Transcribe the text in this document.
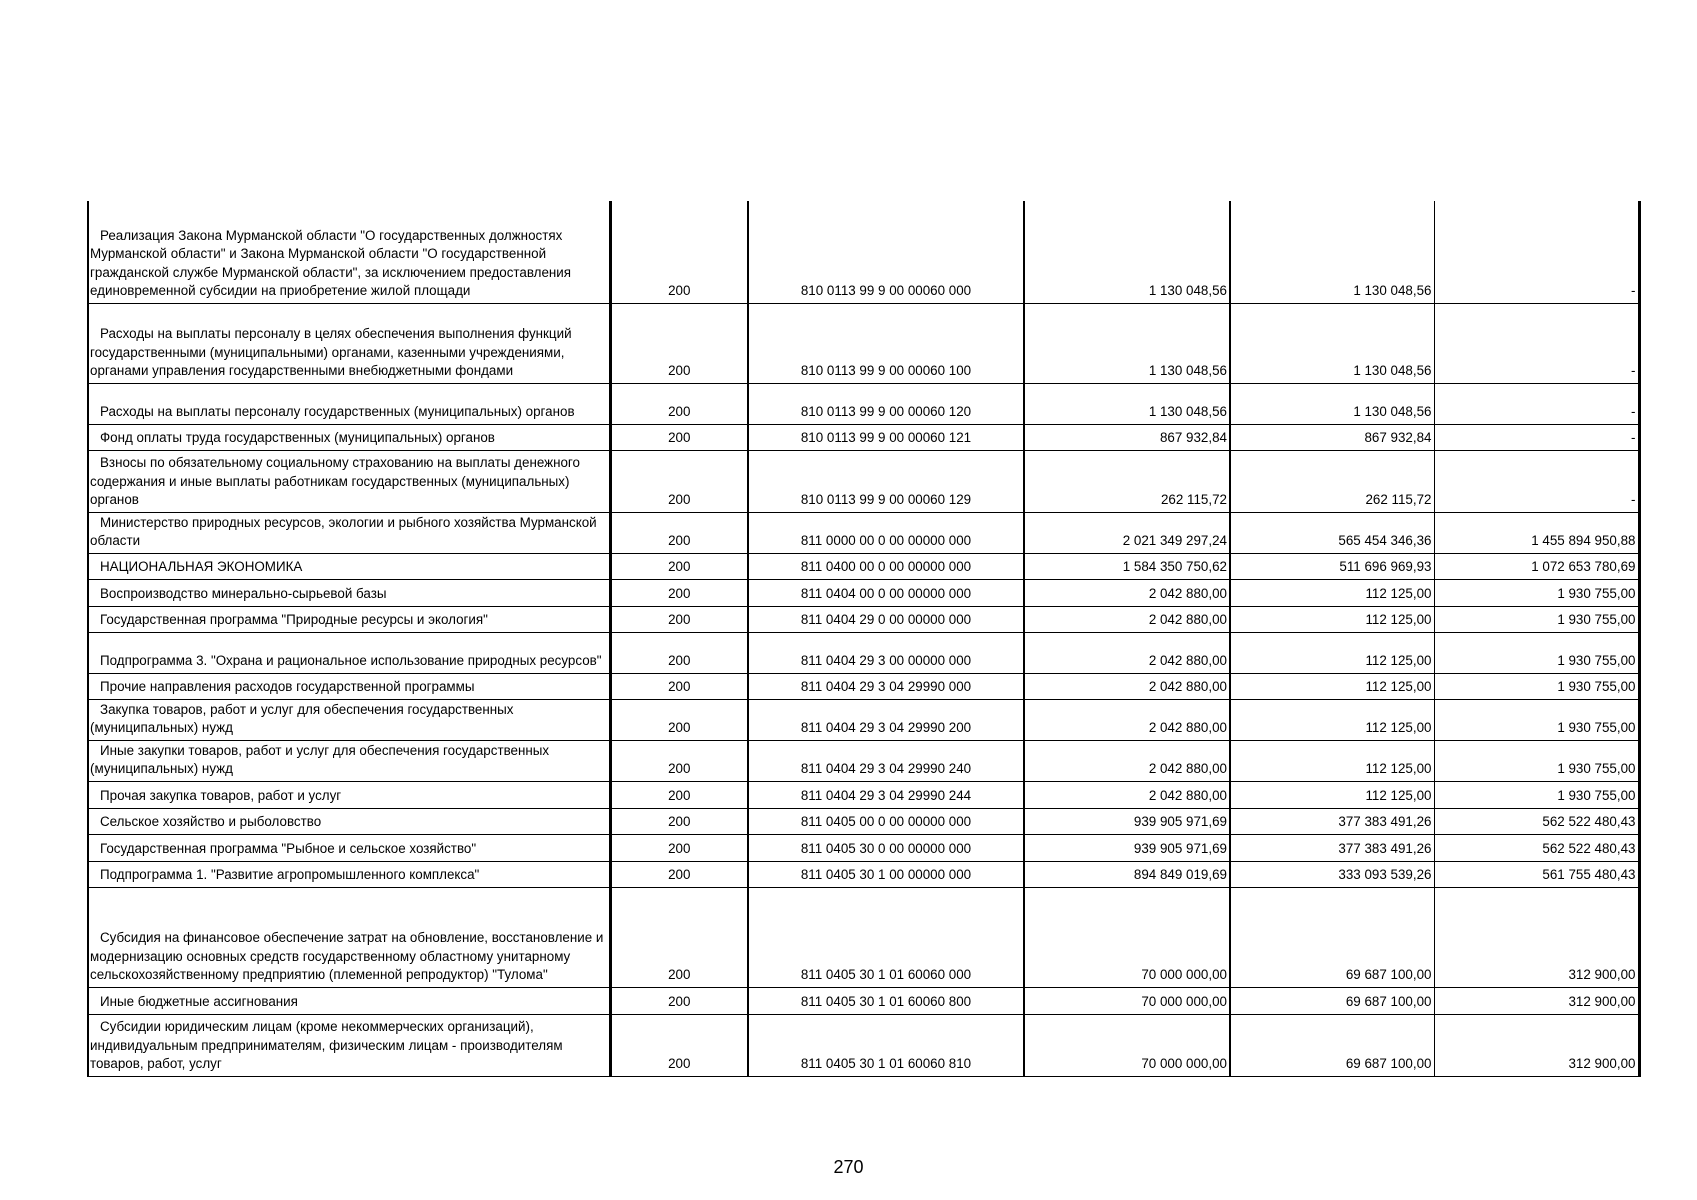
Реализация Закона Мурманской области "О государственных должностях Мурманской области" и Закона Мурманской области "О государственной гражданской службе Мурманской области", за исключением предоставления единовременной субсидии на приобретение жилой площади	200	810 0113 99 9 00 00060 000	1 130 048,56	1 130 048,56	-
Расходы на выплаты персоналу в целях обеспечения выполнения функций государственными (муниципальными) органами, казенными учреждениями, органами управления государственными внебюджетными фондами	200	810 0113 99 9 00 00060 100	1 130 048,56	1 130 048,56	-
Расходы на выплаты персоналу государственных (муниципальных) органов	200	810 0113 99 9 00 00060 120	1 130 048,56	1 130 048,56	-
Фонд оплаты труда государственных (муниципальных) органов	200	810 0113 99 9 00 00060 121	867 932,84	867 932,84	-
Взносы по обязательному социальному страхованию на выплаты денежного содержания и иные выплаты работникам государственных (муниципальных) органов	200	810 0113 99 9 00 00060 129	262 115,72	262 115,72	-
Министерство природных ресурсов, экологии и рыбного хозяйства Мурманской области	200	811 0000 00 0 00 00000 000	2 021 349 297,24	565 454 346,36	1 455 894 950,88
НАЦИОНАЛЬНАЯ ЭКОНОМИКА	200	811 0400 00 0 00 00000 000	1 584 350 750,62	511 696 969,93	1 072 653 780,69
Воспроизводство минерально-сырьевой базы	200	811 0404 00 0 00 00000 000	2 042 880,00	112 125,00	1 930 755,00
Государственная программа "Природные ресурсы и экология"	200	811 0404 29 0 00 00000 000	2 042 880,00	112 125,00	1 930 755,00
Подпрограмма 3. "Охрана и рациональное использование природных ресурсов"	200	811 0404 29 3 00 00000 000	2 042 880,00	112 125,00	1 930 755,00
Прочие направления расходов государственной программы	200	811 0404 29 3 04 29990 000	2 042 880,00	112 125,00	1 930 755,00
Закупка товаров, работ и услуг для обеспечения государственных (муниципальных) нужд	200	811 0404 29 3 04 29990 200	2 042 880,00	112 125,00	1 930 755,00
Иные закупки товаров, работ и услуг для обеспечения государственных (муниципальных) нужд	200	811 0404 29 3 04 29990 240	2 042 880,00	112 125,00	1 930 755,00
Прочая закупка товаров, работ и услуг	200	811 0404 29 3 04 29990 244	2 042 880,00	112 125,00	1 930 755,00
Сельское хозяйство и рыболовство	200	811 0405 00 0 00 00000 000	939 905 971,69	377 383 491,26	562 522 480,43
Государственная программа "Рыбное и сельское хозяйство"	200	811 0405 30 0 00 00000 000	939 905 971,69	377 383 491,26	562 522 480,43
Подпрограмма 1. "Развитие агропромышленного комплекса"	200	811 0405 30 1 00 00000 000	894 849 019,69	333 093 539,26	561 755 480,43
Субсидия на финансовое обеспечение затрат на обновление, восстановление и модернизацию основных средств государственному областному унитарному сельскохозяйственному предприятию (племенной репродуктор) "Тулома"	200	811 0405 30 1 01 60060 000	70 000 000,00	69 687 100,00	312 900,00
Иные бюджетные ассигнования	200	811 0405 30 1 01 60060 800	70 000 000,00	69 687 100,00	312 900,00
Субсидии юридическим лицам (кроме некоммерческих организаций), индивидуальным предпринимателям, физическим лицам - производителям товаров, работ, услуг	200	811 0405 30 1 01 60060 810	70 000 000,00	69 687 100,00	312 900,00
270
